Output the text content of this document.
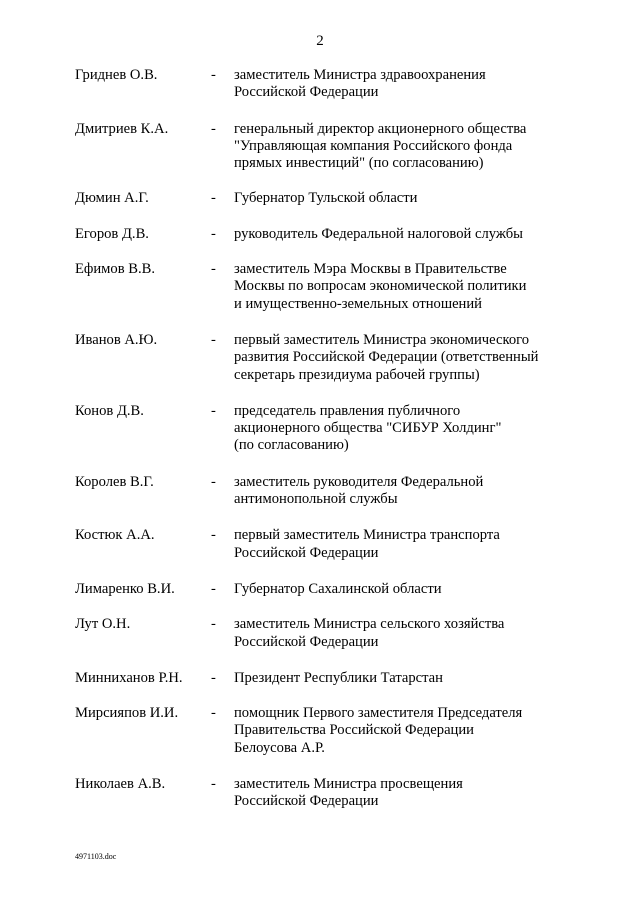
2
Гриднев О.В.	-	заместитель Министра здравоохранения
Российской Федерации
Дмитриев К.А.	-	генеральный директор акционерного общества
"Управляющая компания Российского фонда
прямых инвестиций" (по согласованию)
Дюмин А.Г.	-	Губернатор Тульской области
Егоров Д.В.	-	руководитель Федеральной налоговой службы
Ефимов В.В.	-	заместитель Мэра Москвы в Правительстве
Москвы по вопросам экономической политики
и имущественно-земельных отношений
Иванов А.Ю.	-	первый заместитель Министра экономического
развития Российской Федерации (ответственный
секретарь президиума рабочей группы)
Конов Д.В.	-	председатель правления публичного
акционерного общества "СИБУР Холдинг"
(по согласованию)
Королев В.Г.	-	заместитель руководителя Федеральной
антимонопольной службы
Костюк А.А.	-	первый заместитель Министра транспорта
Российской Федерации
Лимаренко В.И.	-	Губернатор Сахалинской области
Лут О.Н.	-	заместитель Министра сельского хозяйства
Российской Федерации
Минниханов Р.Н.	-	Президент Республики Татарстан
Мирсияпов И.И.	-	помощник Первого заместителя Председателя
Правительства Российской Федерации
Белоусова А.Р.
Николаев А.В.	-	заместитель Министра просвещения
Российской Федерации
4971103.doc
